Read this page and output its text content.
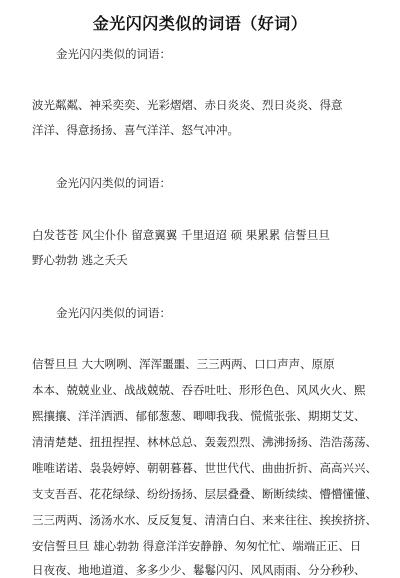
金光闪闪类似的词语（好词）

金光闪闪类似的词语：

波光粼粼、神采奕奕、光彩熠熠、赤日炎炎、烈日炎炎、得意

洋洋、得意扬扬、喜气洋洋、怒气冲冲。

金光闪闪类似的词语：

白发苍苍 风尘仆仆 留意翼翼 千里迢迢 硕 果累累 信誓旦旦

野心勃勃 逃之夭夭

金光闪闪类似的词语：

信誓旦旦 大大咧咧、浑浑噩噩、三三两两、口口声声、原原

本本、兢兢业业、战战兢兢、吞吞吐吐、形形色色、风风火火、熙

熙攘攘、洋洋洒洒、郁郁葱葱、唧唧我我、慌慌张张、期期艾艾、

清清楚楚、扭扭捏捏、林林总总、轰轰烈烈、沸沸扬扬、浩浩荡荡、

唯唯诺诺、袅袅婷婷、朝朝暮暮、世世代代、曲曲折折、高高兴兴、

支支吾吾、花花绿绿、纷纷扬扬、层层叠叠、断断续续、懵懵懂懂、

三三两两、汤汤水水、反反复复、清清白白、来来往往、挨挨挤挤、

安信誓旦旦 雄心勃勃 得意洋洋安静静、匆匆忙忙、端端正正、日

日夜夜、地地道道、多多少少、鬈鬈闪闪、风风雨雨、分分秒秒、
